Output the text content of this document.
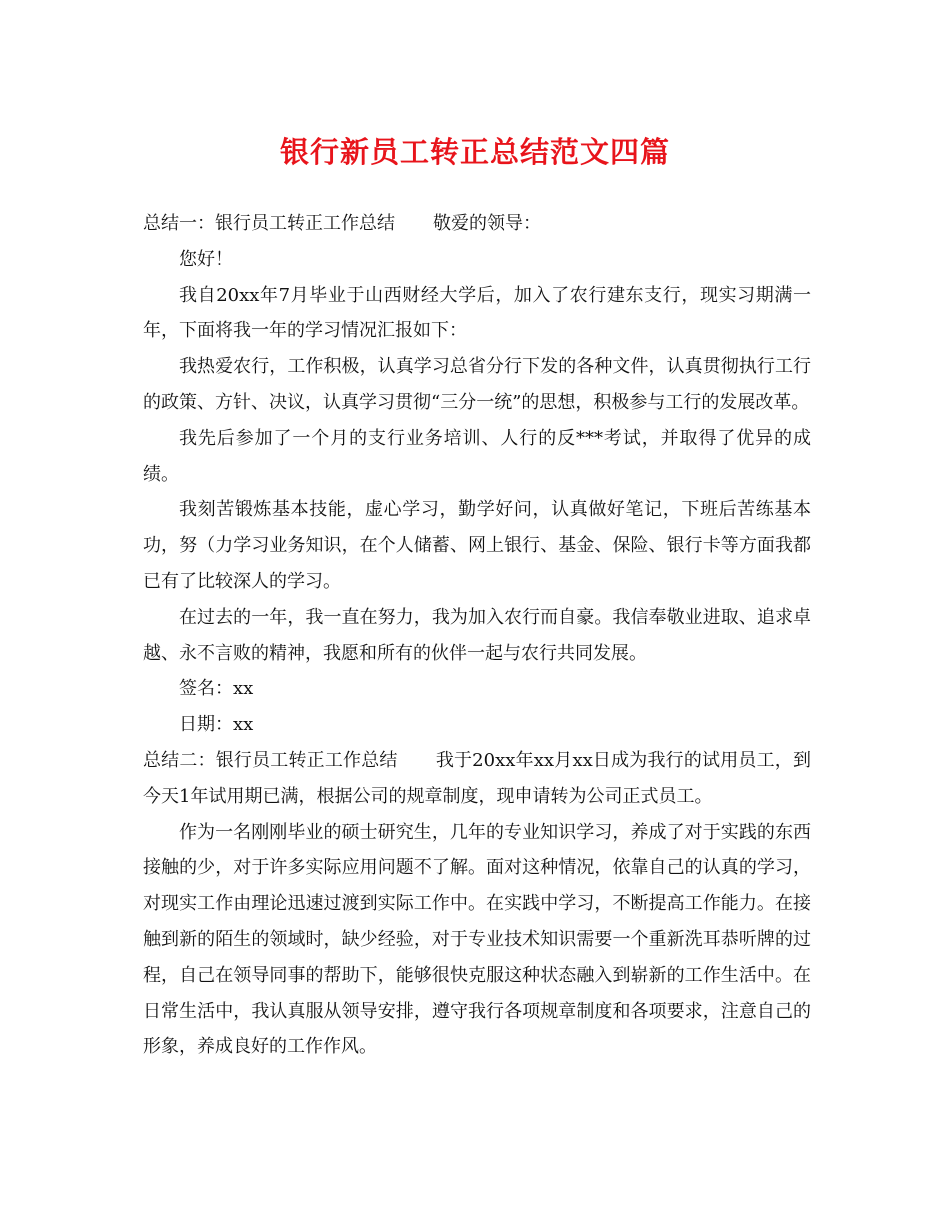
银行新员工转正总结范文四篇

总结一：银行员工转正工作总结 敬爱的领导：

您好！

我自20xx年7月毕业于山西财经大学后，加入了农行建东支行，现实习期满一年，下面将我一年的学习情况汇报如下：

我热爱农行，工作积极，认真学习总省分行下发的各种文件，认真贯彻执行工行的政策、方针、决议，认真学习贯彻“三分一统”的思想，积极参与工行的发展改革。

我先后参加了一个月的支行业务培训、人行的反***考试，并取得了优异的成绩。

我刻苦锻炼基本技能，虚心学习，勤学好问，认真做好笔记，下班后苦练基本功，努（力学习业务知识，在个人储蓄、网上银行、基金、保险、银行卡等方面我都已有了比较深人的学习。

在过去的一年，我一直在努力，我为加入农行而自豪。我信奉敬业进取、追求卓越、永不言败的精神，我愿和所有的伙伴一起与农行共同发展。

签名：xx

日期：xx

总结二：银行员工转正工作总结 我于20xx年xx月xx日成为我行的试用员工，到今天1年试用期已满，根据公司的规章制度，现申请转为公司正式员工。

作为一名刚刚毕业的硕士研究生，几年的专业知识学习，养成了对于实践的东西接触的少，对于许多实际应用问题不了解。面对这种情况，依靠自己的认真的学习，对现实工作由理论迅速过渡到实际工作中。在实践中学习，不断提高工作能力。在接触到新的陌生的领域时，缺少经验，对于专业技术知识需要一个重新洗耳恭听牌的过程，自己在领导同事的帮助下，能够很快克服这种状态融入到崭新的工作生活中。在日常生活中，我认真服从领导安排，遵守我行各项规章制度和各项要求，注意自己的形象，养成良好的工作作风。
